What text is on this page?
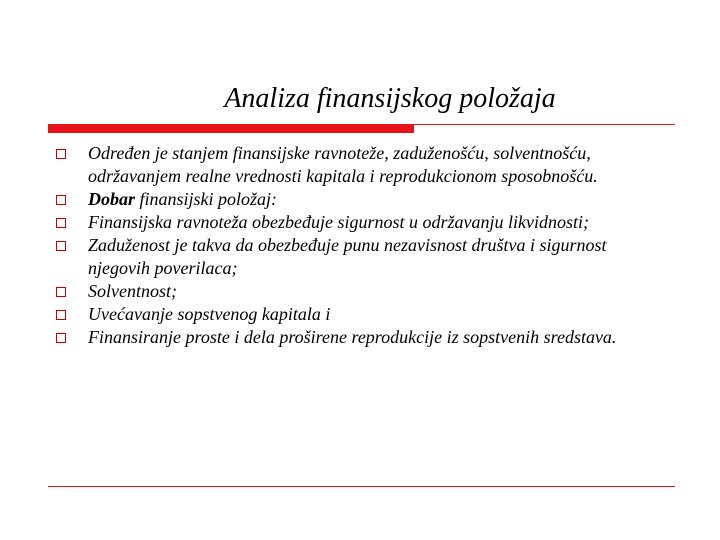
Analiza finansijskog položaja
Određen je stanjem finansijske ravnoteže, zaduženošću, solventnošću, održavanjem realne vrednosti kapitala i reprodukcionom sposobnošću.
Dobar finansijski položaj:
Finansijska ravnoteža obezbeđuje sigurnost u održavanju likvidnosti;
Zaduženost je takva da obezbeđuje punu nezavisnost društva i sigurnost njegovih poverilaca;
Solventnost;
Uvećavanje sopstvenog kapitala i
Finansiranje proste i dela proširene reprodukcije iz sopstvenih sredstava.
